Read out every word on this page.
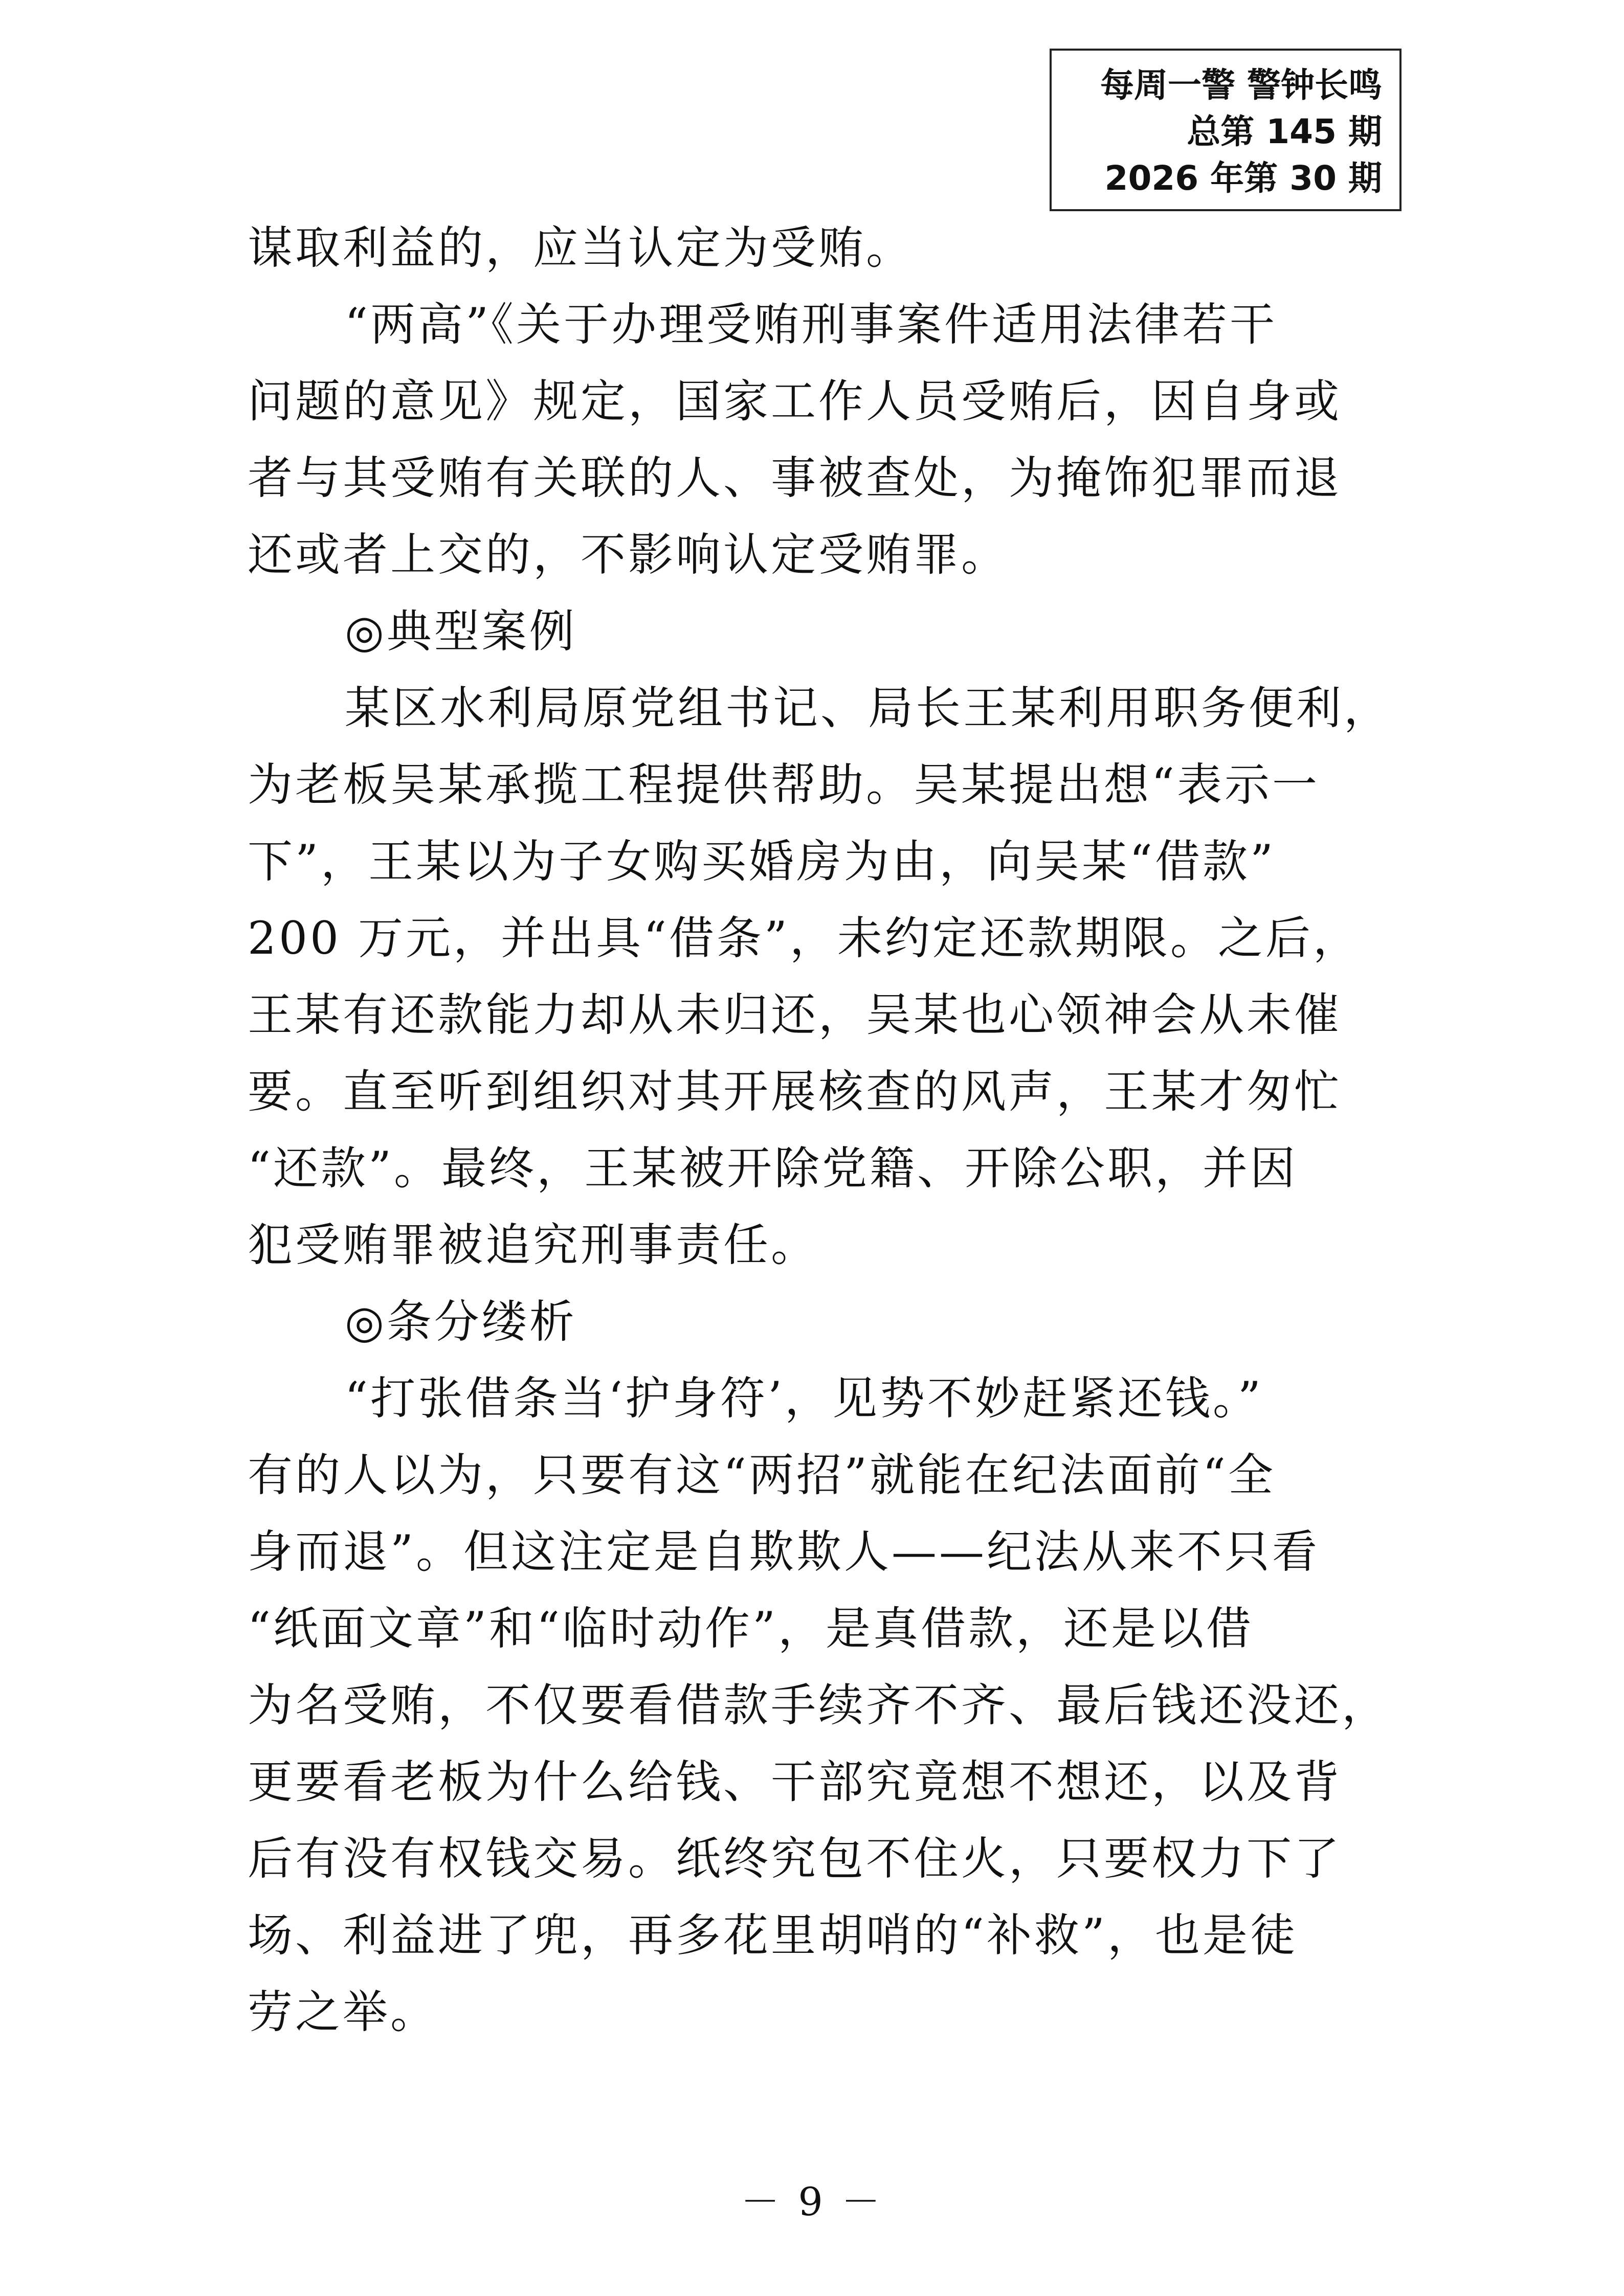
每周一警 警钟长鸣
总第 145 期
2026 年第 30 期
谋取利益的，应当认定为受贿。
“两高”《关于办理受贿刑事案件适用法律若干
问题的意见》规定，国家工作人员受贿后，因自身或
者与其受贿有关联的人、事被查处，为掩饰犯罪而退
还或者上交的，不影响认定受贿罪。
◎典型案例
某区水利局原党组书记、局长王某利用职务便利，
为老板吴某承揽工程提供帮助。吴某提出想“表示一
下”，王某以为子女购买婚房为由，向吴某“借款”
200 万元，并出具“借条”，未约定还款期限。之后，
王某有还款能力却从未归还，吴某也心领神会从未催
要。直至听到组织对其开展核查的风声，王某才匆忙
“还款”。最终，王某被开除党籍、开除公职，并因
犯受贿罪被追究刑事责任。
◎条分缕析
“打张借条当‘护身符’，见势不妙赶紧还钱。”
有的人以为，只要有这“两招”就能在纪法面前“全
身而退”。但这注定是自欺欺人——纪法从来不只看
“纸面文章”和“临时动作”，是真借款，还是以借
为名受贿，不仅要看借款手续齐不齐、最后钱还没还，
更要看老板为什么给钱、干部究竟想不想还，以及背
后有没有权钱交易。纸终究包不住火，只要权力下了
场、利益进了兜，再多花里胡哨的“补救”，也是徒
劳之举。
－ 9 －
